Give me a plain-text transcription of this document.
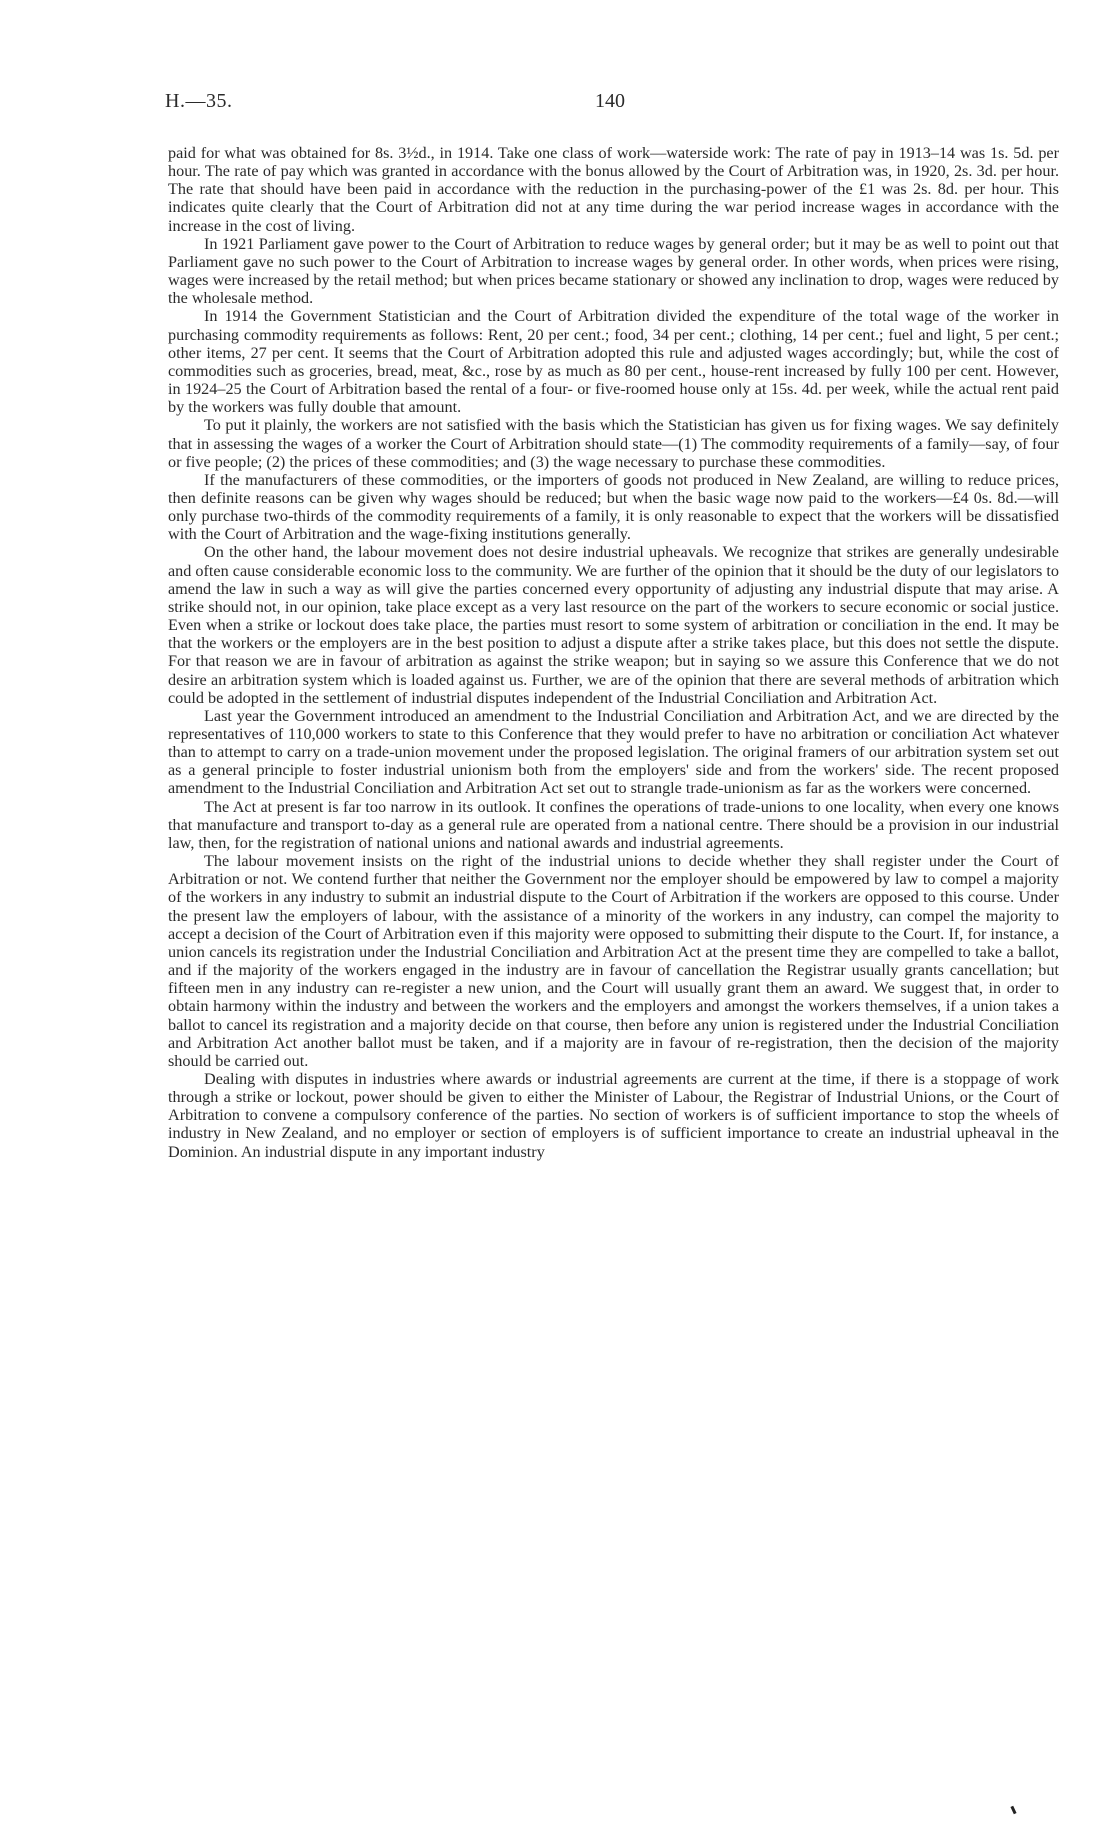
H.—35.	140

paid for what was obtained for 8s. 3½d., in 1914. Take one class of work—waterside work: The rate of pay in 1913–14 was 1s. 5d. per hour. The rate of pay which was granted in accordance with the bonus allowed by the Court of Arbitration was, in 1920, 2s. 3d. per hour. The rate that should have been paid in accordance with the reduction in the purchasing-power of the £1 was 2s. 8d. per hour. This indicates quite clearly that the Court of Arbitration did not at any time during the war period increase wages in accordance with the increase in the cost of living.

In 1921 Parliament gave power to the Court of Arbitration to reduce wages by general order; but it may be as well to point out that Parliament gave no such power to the Court of Arbitration to increase wages by general order. In other words, when prices were rising, wages were increased by the retail method; but when prices became stationary or showed any inclination to drop, wages were reduced by the wholesale method.

In 1914 the Government Statistician and the Court of Arbitration divided the expenditure of the total wage of the worker in purchasing commodity requirements as follows: Rent, 20 per cent.; food, 34 per cent.; clothing, 14 per cent.; fuel and light, 5 per cent.; other items, 27 per cent. It seems that the Court of Arbitration adopted this rule and adjusted wages accordingly; but, while the cost of commodities such as groceries, bread, meat, &c., rose by as much as 80 per cent., house-rent increased by fully 100 per cent. However, in 1924–25 the Court of Arbitration based the rental of a four- or five-roomed house only at 15s. 4d. per week, while the actual rent paid by the workers was fully double that amount.

To put it plainly, the workers are not satisfied with the basis which the Statistician has given us for fixing wages. We say definitely that in assessing the wages of a worker the Court of Arbitration should state—(1) The commodity requirements of a family—say, of four or five people; (2) the prices of these commodities; and (3) the wage necessary to purchase these commodities.

If the manufacturers of these commodities, or the importers of goods not produced in New Zealand, are willing to reduce prices, then definite reasons can be given why wages should be reduced; but when the basic wage now paid to the workers—£4 0s. 8d.—will only purchase two-thirds of the commodity requirements of a family, it is only reasonable to expect that the workers will be dissatisfied with the Court of Arbitration and the wage-fixing institutions generally.

On the other hand, the labour movement does not desire industrial upheavals. We recognize that strikes are generally undesirable and often cause considerable economic loss to the community. We are further of the opinion that it should be the duty of our legislators to amend the law in such a way as will give the parties concerned every opportunity of adjusting any industrial dispute that may arise. A strike should not, in our opinion, take place except as a very last resource on the part of the workers to secure economic or social justice. Even when a strike or lockout does take place, the parties must resort to some system of arbitration or conciliation in the end. It may be that the workers or the employers are in the best position to adjust a dispute after a strike takes place, but this does not settle the dispute. For that reason we are in favour of arbitration as against the strike weapon; but in saying so we assure this Conference that we do not desire an arbitration system which is loaded against us. Further, we are of the opinion that there are several methods of arbitration which could be adopted in the settlement of industrial disputes independent of the Industrial Conciliation and Arbitration Act.

Last year the Government introduced an amendment to the Industrial Conciliation and Arbitration Act, and we are directed by the representatives of 110,000 workers to state to this Conference that they would prefer to have no arbitration or conciliation Act whatever than to attempt to carry on a trade-union movement under the proposed legislation. The original framers of our arbitration system set out as a general principle to foster industrial unionism both from the employers' side and from the workers' side. The recent proposed amendment to the Industrial Conciliation and Arbitration Act set out to strangle trade-unionism as far as the workers were concerned.

The Act at present is far too narrow in its outlook. It confines the operations of trade-unions to one locality, when every one knows that manufacture and transport to-day as a general rule are operated from a national centre. There should be a provision in our industrial law, then, for the registration of national unions and national awards and industrial agreements.

The labour movement insists on the right of the industrial unions to decide whether they shall register under the Court of Arbitration or not. We contend further that neither the Government nor the employer should be empowered by law to compel a majority of the workers in any industry to submit an industrial dispute to the Court of Arbitration if the workers are opposed to this course. Under the present law the employers of labour, with the assistance of a minority of the workers in any industry, can compel the majority to accept a decision of the Court of Arbitration even if this majority were opposed to submitting their dispute to the Court. If, for instance, a union cancels its registration under the Industrial Conciliation and Arbitration Act at the present time they are compelled to take a ballot, and if the majority of the workers engaged in the industry are in favour of cancellation the Registrar usually grants cancellation; but fifteen men in any industry can re-register a new union, and the Court will usually grant them an award. We suggest that, in order to obtain harmony within the industry and between the workers and the employers and amongst the workers themselves, if a union takes a ballot to cancel its registration and a majority decide on that course, then before any union is registered under the Industrial Conciliation and Arbitration Act another ballot must be taken, and if a majority are in favour of re-registration, then the decision of the majority should be carried out.

Dealing with disputes in industries where awards or industrial agreements are current at the time, if there is a stoppage of work through a strike or lockout, power should be given to either the Minister of Labour, the Registrar of Industrial Unions, or the Court of Arbitration to convene a compulsory conference of the parties. No section of workers is of sufficient importance to stop the wheels of industry in New Zealand, and no employer or section of employers is of sufficient importance to create an industrial upheaval in the Dominion. An industrial dispute in any important industry
